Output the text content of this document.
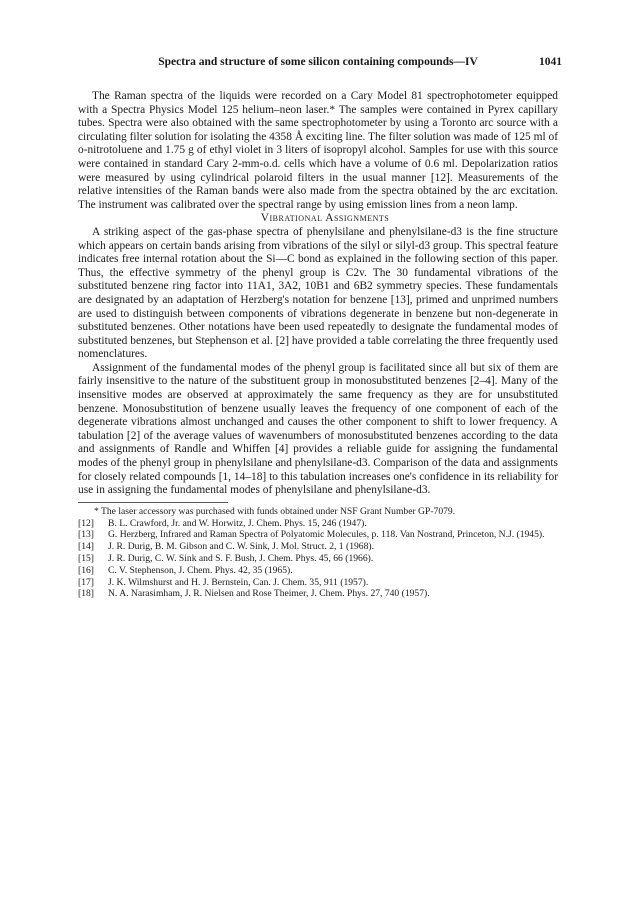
Spectra and structure of some silicon containing compounds—IV	1041

The Raman spectra of the liquids were recorded on a Cary Model 81 spectrophotometer equipped with a Spectra Physics Model 125 helium–neon laser.* The samples were contained in Pyrex capillary tubes. Spectra were also obtained with the same spectrophotometer by using a Toronto arc source with a circulating filter solution for isolating the 4358 Å exciting line. The filter solution was made of 125 ml of o-nitrotoluene and 1.75 g of ethyl violet in 3 liters of isopropyl alcohol. Samples for use with this source were contained in standard Cary 2-mm-o.d. cells which have a volume of 0.6 ml. Depolarization ratios were measured by using cylindrical polaroid filters in the usual manner [12]. Measurements of the relative intensities of the Raman bands were also made from the spectra obtained by the arc excitation. The instrument was calibrated over the spectral range by using emission lines from a neon lamp.

Vibrational Assignments

A striking aspect of the gas-phase spectra of phenylsilane and phenylsilane-d3 is the fine structure which appears on certain bands arising from vibrations of the silyl or silyl-d3 group. This spectral feature indicates free internal rotation about the Si—C bond as explained in the following section of this paper. Thus, the effective symmetry of the phenyl group is C2v. The 30 fundamental vibrations of the substituted benzene ring factor into 11A1, 3A2, 10B1 and 6B2 symmetry species. These fundamentals are designated by an adaptation of Herzberg's notation for benzene [13], primed and unprimed numbers are used to distinguish between components of vibrations degenerate in benzene but non-degenerate in substituted benzenes. Other notations have been used repeatedly to designate the fundamental modes of substituted benzenes, but Stephenson et al. [2] have provided a table correlating the three frequently used nomenclatures.

Assignment of the fundamental modes of the phenyl group is facilitated since all but six of them are fairly insensitive to the nature of the substituent group in monosubstituted benzenes [2–4]. Many of the insensitive modes are observed at approximately the same frequency as they are for unsubstituted benzene. Monosubstitution of benzene usually leaves the frequency of one component of each of the degenerate vibrations almost unchanged and causes the other component to shift to lower frequency. A tabulation [2] of the average values of wavenumbers of monosubstituted benzenes according to the data and assignments of Randle and Whiffen [4] provides a reliable guide for assigning the fundamental modes of the phenyl group in phenylsilane and phenylsilane-d3. Comparison of the data and assignments for closely related compounds [1, 14–18] to this tabulation increases one's confidence in its reliability for use in assigning the fundamental modes of phenylsilane and phenylsilane-d3.

* The laser accessory was purchased with funds obtained under NSF Grant Number GP-7079.

[12]	B. L. Crawford, Jr. and W. Horwitz, J. Chem. Phys. 15, 246 (1947).
[13]	G. Herzberg, Infrared and Raman Spectra of Polyatomic Molecules, p. 118. Van Nostrand, Princeton, N.J. (1945).
[14]	J. R. Durig, B. M. Gibson and C. W. Sink, J. Mol. Struct. 2, 1 (1968).
[15]	J. R. Durig, C. W. Sink and S. F. Bush, J. Chem. Phys. 45, 66 (1966).
[16]	C. V. Stephenson, J. Chem. Phys. 42, 35 (1965).
[17]	J. K. Wilmshurst and H. J. Bernstein, Can. J. Chem. 35, 911 (1957).
[18]	N. A. Narasimham, J. R. Nielsen and Rose Theimer, J. Chem. Phys. 27, 740 (1957).
